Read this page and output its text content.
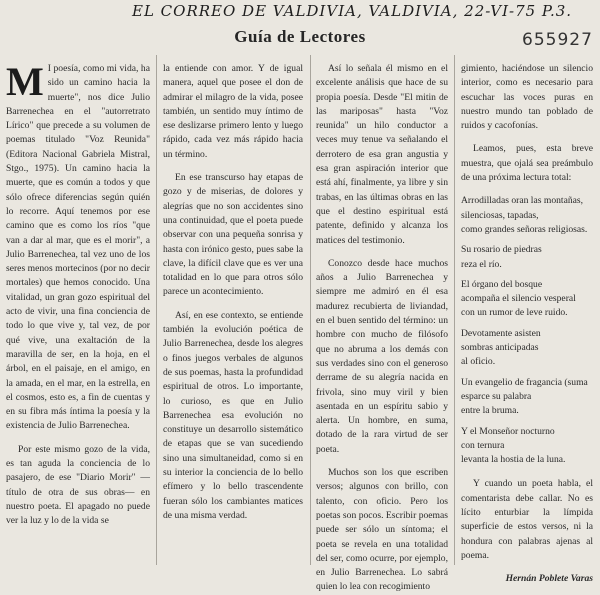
EL CORREO DE VALDIVIA, VALDIVIA, 22-VI-75 P.3.
655927
Guía de Lectores

M I poesía, como mi vida, ha sido un camino hacia la muerte", nos dice Julio Barrenechea en el "autorretrato Lírico" que precede a su volumen de poemas titulado "Voz Reunida" (Editora Nacional Gabriela Mistral, Stgo., 1975). Un camino hacia la muerte, que es común a todos y que sólo ofrece diferencias según quién lo recorre. Aquí tenemos por ese camino que es como los ríos "que van a dar al mar, que es el morir", a Julio Barrenechea, tal vez uno de los seres menos mortecinos (por no decir mortales) que hemos conocido. Una vitalidad, un gran gozo espiritual del acto de vivir, una fina conciencia de todo lo que vive y, tal vez, de por qué vive, una exaltación de la maravilla de ser, en la hoja, en el árbol, en el paisaje, en el amigo, en la amada, en el mar, en la estrella, en el cosmos, esto es, a fin de cuentas y en su fibra más íntima la poesía y la existencia de Julio Barrenechea.

Por este mismo gozo de la vida, es tan aguda la conciencia de lo pasajero, de ese "Diario Morir" —título de otra de sus obras— en nuestro poeta. El apagado no puede ver la luz y lo de la vida se

la entiende con amor. Y de igual manera, aquel que posee el don de admirar el milagro de la vida, posee también, un sentido muy íntimo de ese deslizarse primero lento y luego rápido, cada vez más rápido hacia un término.

En ese transcurso hay etapas de gozo y de miserias, de dolores y alegrías que no son accidentes sino una continuidad, que el poeta puede observar con una pequeña sonrisa y hasta con irónico gesto, pues sabe la clave, la difícil clave que es ver una totalidad en lo que para otros sólo parece un acontecimiento.

Así, en ese contexto, se entiende también la evolución poética de Julio Barrenechea, desde los alegres o finos juegos verbales de algunos de sus poemas, hasta la profundidad espiritual de otros. Lo importante, lo curioso, es que en Julio Barrenechea esa evolución no constituye un desarrollo sistemático de etapas que se van sucediendo sino una simultaneidad, como si en su interior la conciencia de lo bello efímero y lo bello trascendente fueran sólo los cambiantes matices de una misma verdad.

Así lo señala él mismo en el excelente análisis que hace de su propia poesía. Desde "El mitin de las mariposas" hasta "Voz reunida" un hilo conductor a veces muy tenue va señalando el derrotero de esa gran angustia y esa gran aspiración interior que está ahí, finalmente, ya libre y sin trabas, en las últimas obras en las que el destino espiritual está patente, definido y alcanza los matices del testimonio.

Conozco desde hace muchos años a Julio Barrenechea y siempre me admiró en él esa madurez recubierta de liviandad, en el buen sentido del término: un hombre con mucho de filósofo que no abruma a los demás con sus verdades sino con el generoso derrame de su alegría nacida en frivola, sino muy viril y bien asentada en un espíritu sabio y alerta. Un hombre, en suma, dotado de la rara virtud de ser poeta.

Muchos son los que escriben versos; algunos con brillo, con talento, con oficio. Pero los poetas son pocos. Escribir poemas puede ser sólo un síntoma; el poeta se revela en una totalidad del ser, como ocurre, por ejemplo, en Julio Barrenechea. Lo sabrá quien lo lea con recogimiento

gimiento, haciéndose un silencio interior, como es necesario para escuchar las voces puras en nuestro mundo tan poblado de ruidos y cacofonías.

Leamos, pues, esta breve muestra, que ojalá sea preámbulo de una próxima lectura total:

Arrodilladas oran las montañas,
silenciosas, tapadas,
como grandes señoras religiosas.
Su rosario de piedras
reza el río.
El órgano del bosque
acompaña el silencio vesperal
con un rumor de leve ruido.
Devotamente asisten
sombras anticipadas
al oficio.
Un evangelio de fragancia (suma
esparce su palabra
entre la bruma.
Y el Monseñor nocturno
con ternura
levanta la hostia de la luna.

Y cuando un poeta habla, el comentarista debe callar. No es lícito enturbiar la límpida superficie de estos versos, ni la hondura con palabras ajenas al poema.

Hernán Poblete Varas
